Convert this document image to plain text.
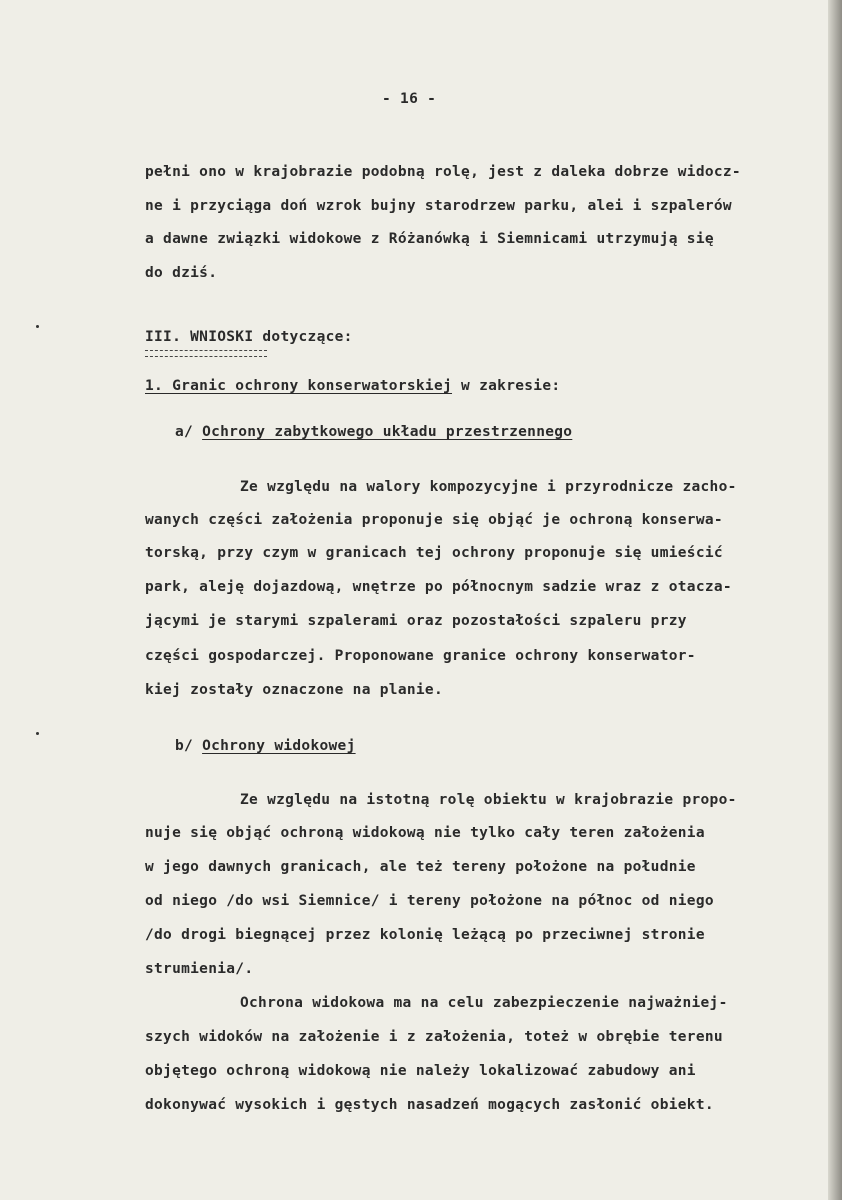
- 16 -
pełni ono w krajobrazie podobną rolę, jest z daleka dobrze widocz-
ne i przyciąga doń wzrok bujny starodrzew parku, alei i szpalerów
a dawne związki widokowe z Różanówką i Siemnicami utrzymują się
do dziś.
III. WNIOSKI dotyczące:
1. Granic ochrony konserwatorskiej w zakresie:
a/ Ochrony zabytkowego układu przestrzennego
Ze względu na walory kompozycyjne i przyrodnicze zacho-
wanych części założenia proponuje się objąć je ochroną konserwa-
torską, przy czym w granicach tej ochrony proponuje się umieścić
park, aleję dojazdową, wnętrze po północnym sadzie wraz z otacza-
jącymi je starymi szpalerami oraz pozostałości szpaleru przy
części gospodarczej. Proponowane granice ochrony konserwator-
kiej zostały oznaczone na planie.
b/ Ochrony widokowej
Ze względu na istotną rolę obiektu w krajobrazie propo-
nuje się objąć ochroną widokową nie tylko cały teren założenia
w jego dawnych granicach, ale też tereny położone na południe
od niego /do wsi Siemnice/ i tereny położone na północ od niego
/do drogi biegnącej przez kolonię leżącą po przeciwnej stronie
strumienia/.
Ochrona widokowa ma na celu zabezpieczenie najważniej-
szych widoków na założenie i z założenia, toteż w obrębie terenu
objętego ochroną widokową nie należy lokalizować zabudowy ani
dokonywać wysokich i gęstych nasadzeń mogących zasłonić obiekt.
